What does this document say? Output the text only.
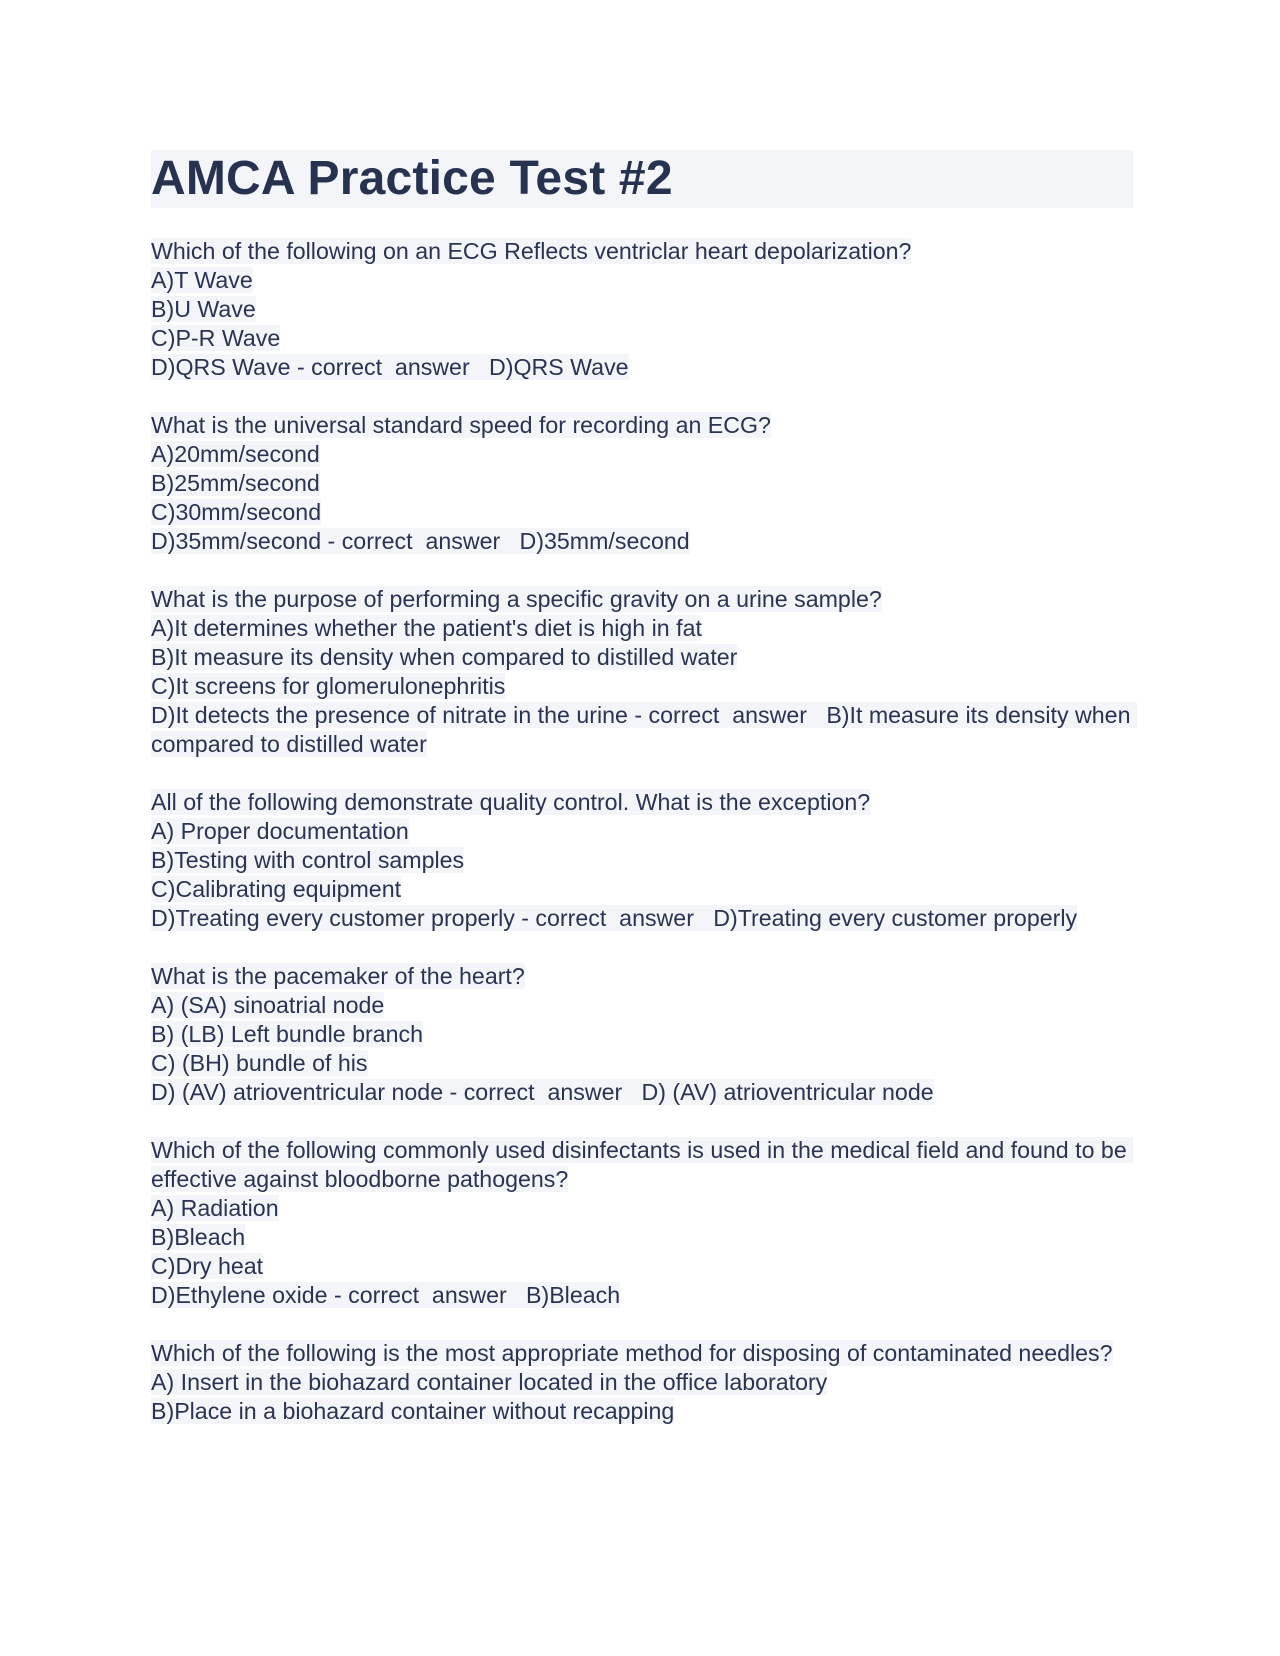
AMCA Practice Test #2
Which of the following on an ECG Reflects ventriclar heart depolarization?
A)T Wave
B)U Wave
C)P-R Wave
D)QRS Wave - correct  answer   D)QRS Wave
What is the universal standard speed for recording an ECG?
A)20mm/second
B)25mm/second
C)30mm/second
D)35mm/second - correct  answer   D)35mm/second
What is the purpose of performing a specific gravity on a urine sample?
A)It determines whether the patient's diet is high in fat
B)It measure its density when compared to distilled water
C)It screens for glomerulonephritis
D)It detects the presence of nitrate in the urine - correct  answer   B)It measure its density when compared to distilled water
All of the following demonstrate quality control. What is the exception?
A) Proper documentation
B)Testing with control samples
C)Calibrating equipment
D)Treating every customer properly - correct  answer   D)Treating every customer properly
What is the pacemaker of the heart?
A) (SA) sinoatrial node
B) (LB) Left bundle branch
C) (BH) bundle of his
D) (AV) atrioventricular node - correct  answer   D) (AV) atrioventricular node
Which of the following commonly used disinfectants is used in the medical field and found to be effective against bloodborne pathogens?
A) Radiation
B)Bleach
C)Dry heat
D)Ethylene oxide - correct  answer   B)Bleach
Which of the following is the most appropriate method for disposing of contaminated needles?
A) Insert in the biohazard container located in the office laboratory
B)Place in a biohazard container without recapping
